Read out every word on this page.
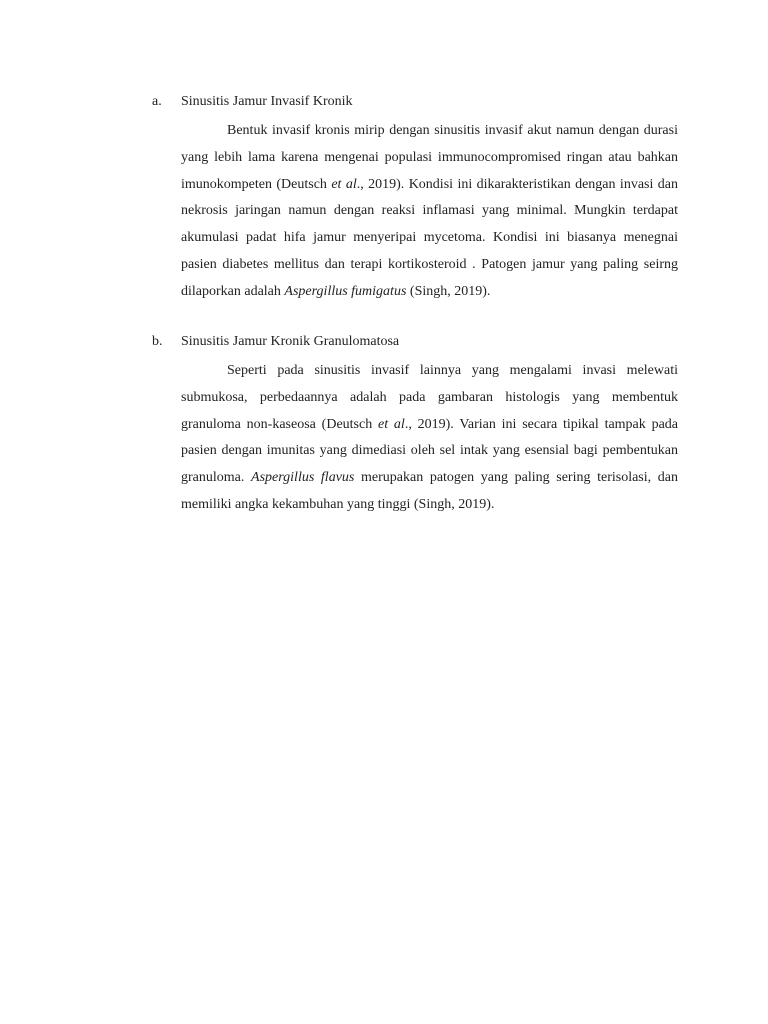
a. Sinusitis Jamur Invasif Kronik

Bentuk invasif kronis mirip dengan sinusitis invasif akut namun dengan durasi yang lebih lama karena mengenai populasi immunocompromised ringan atau bahkan imunokompeten (Deutsch et al., 2019). Kondisi ini dikarakteristikan dengan invasi dan nekrosis jaringan namun dengan reaksi inflamasi yang minimal. Mungkin terdapat akumulasi padat hifa jamur menyeripai mycetoma. Kondisi ini biasanya menegnai pasien diabetes mellitus dan terapi kortikosteroid . Patogen jamur yang paling seirng dilaporkan adalah Aspergillus fumigatus (Singh, 2019).

b. Sinusitis Jamur Kronik Granulomatosa

Seperti pada sinusitis invasif lainnya yang mengalami invasi melewati submukosa, perbedaannya adalah pada gambaran histologis yang membentuk granuloma non-kaseosa (Deutsch et al., 2019). Varian ini secara tipikal tampak pada pasien dengan imunitas yang dimediasi oleh sel intak yang esensial bagi pembentukan granuloma. Aspergillus flavus merupakan patogen yang paling sering terisolasi, dan memiliki angka kekambuhan yang tinggi (Singh, 2019).
